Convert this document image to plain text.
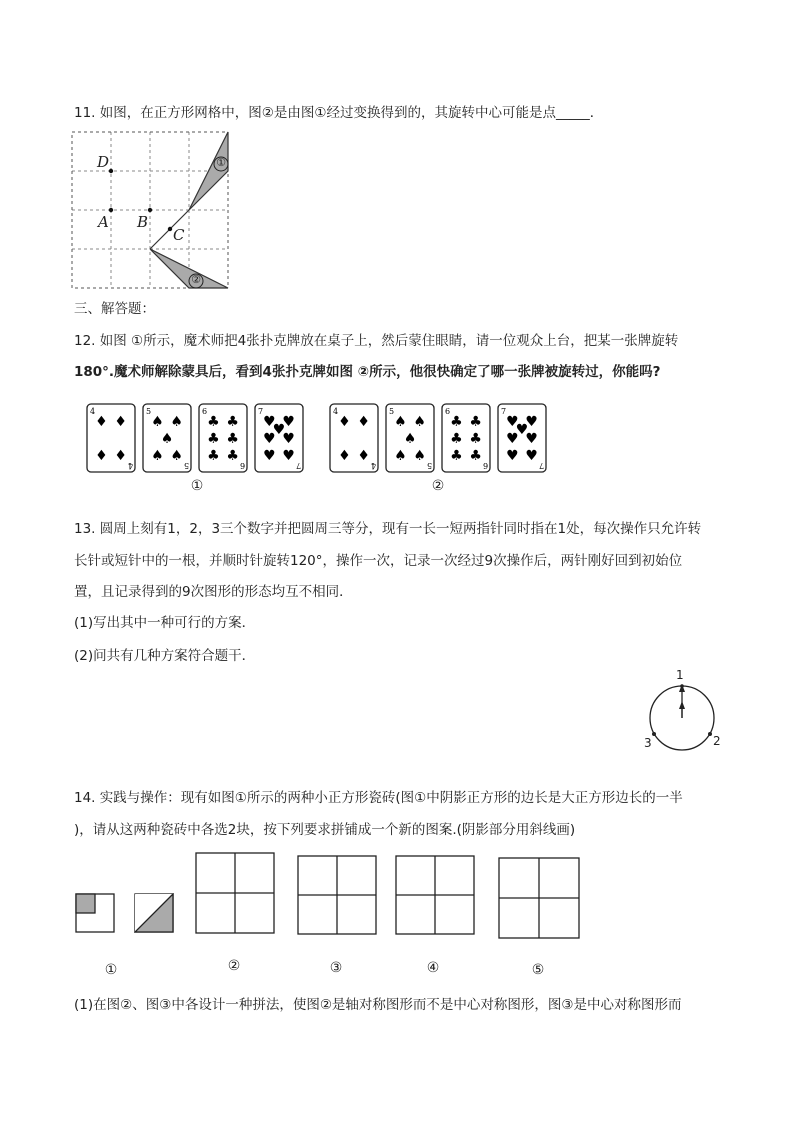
11. 如图，在正方形网格中，图②是由图①经过变换得到的，其旋转中心可能是点_____．
D
A B
C
①
②
三、解答题：
12. 如图 ①所示，魔术师把4张扑克牌放在桌子上，然后蒙住眼睛，请一位观众上台，把某一张牌旋转
180°.魔术师解除蒙具后，看到4张扑克牌如图 ②所示，他很快确定了哪一张牌被旋转过，你能吗?
4
4
♦ ♦
♦ ♦
5
5
♠ ♠
♠
♠ ♠
6
6
♣ ♣
♣ ♣
♣ ♣
7
7
♥ ♥
♥
♥ ♥
♥ ♥
4
4
♦ ♦
♦ ♦
5
5
♠ ♠
♠
♠ ♠
6
6
♣ ♣
♣ ♣
♣ ♣
7
7
♥ ♥
♥
♥ ♥
♥ ♥
①	②
13. 圆周上刻有1，2，3三个数字并把圆周三等分，现有一长一短两指针同时指在1处，每次操作只允许转
长针或短针中的一根，并顺时针旋转120°，操作一次，记录一次经过9次操作后，两针刚好回到初始位
置，且记录得到的9次图形的形态均互不相同．
(1)写出其中一种可行的方案．
(2)问共有几种方案符合题干．
1
2
3
14. 实践与操作：现有如图①所示的两种小正方形瓷砖(图①中阴影正方形的边长是大正方形边长的一半
)，请从这两种瓷砖中各选2块，按下列要求拼铺成一个新的图案.(阴影部分用斜线画)
①	②	③	④	⑤
(1)在图②、图③中各设计一种拼法，使图②是轴对称图形而不是中心对称图形，图③是中心对称图形而
